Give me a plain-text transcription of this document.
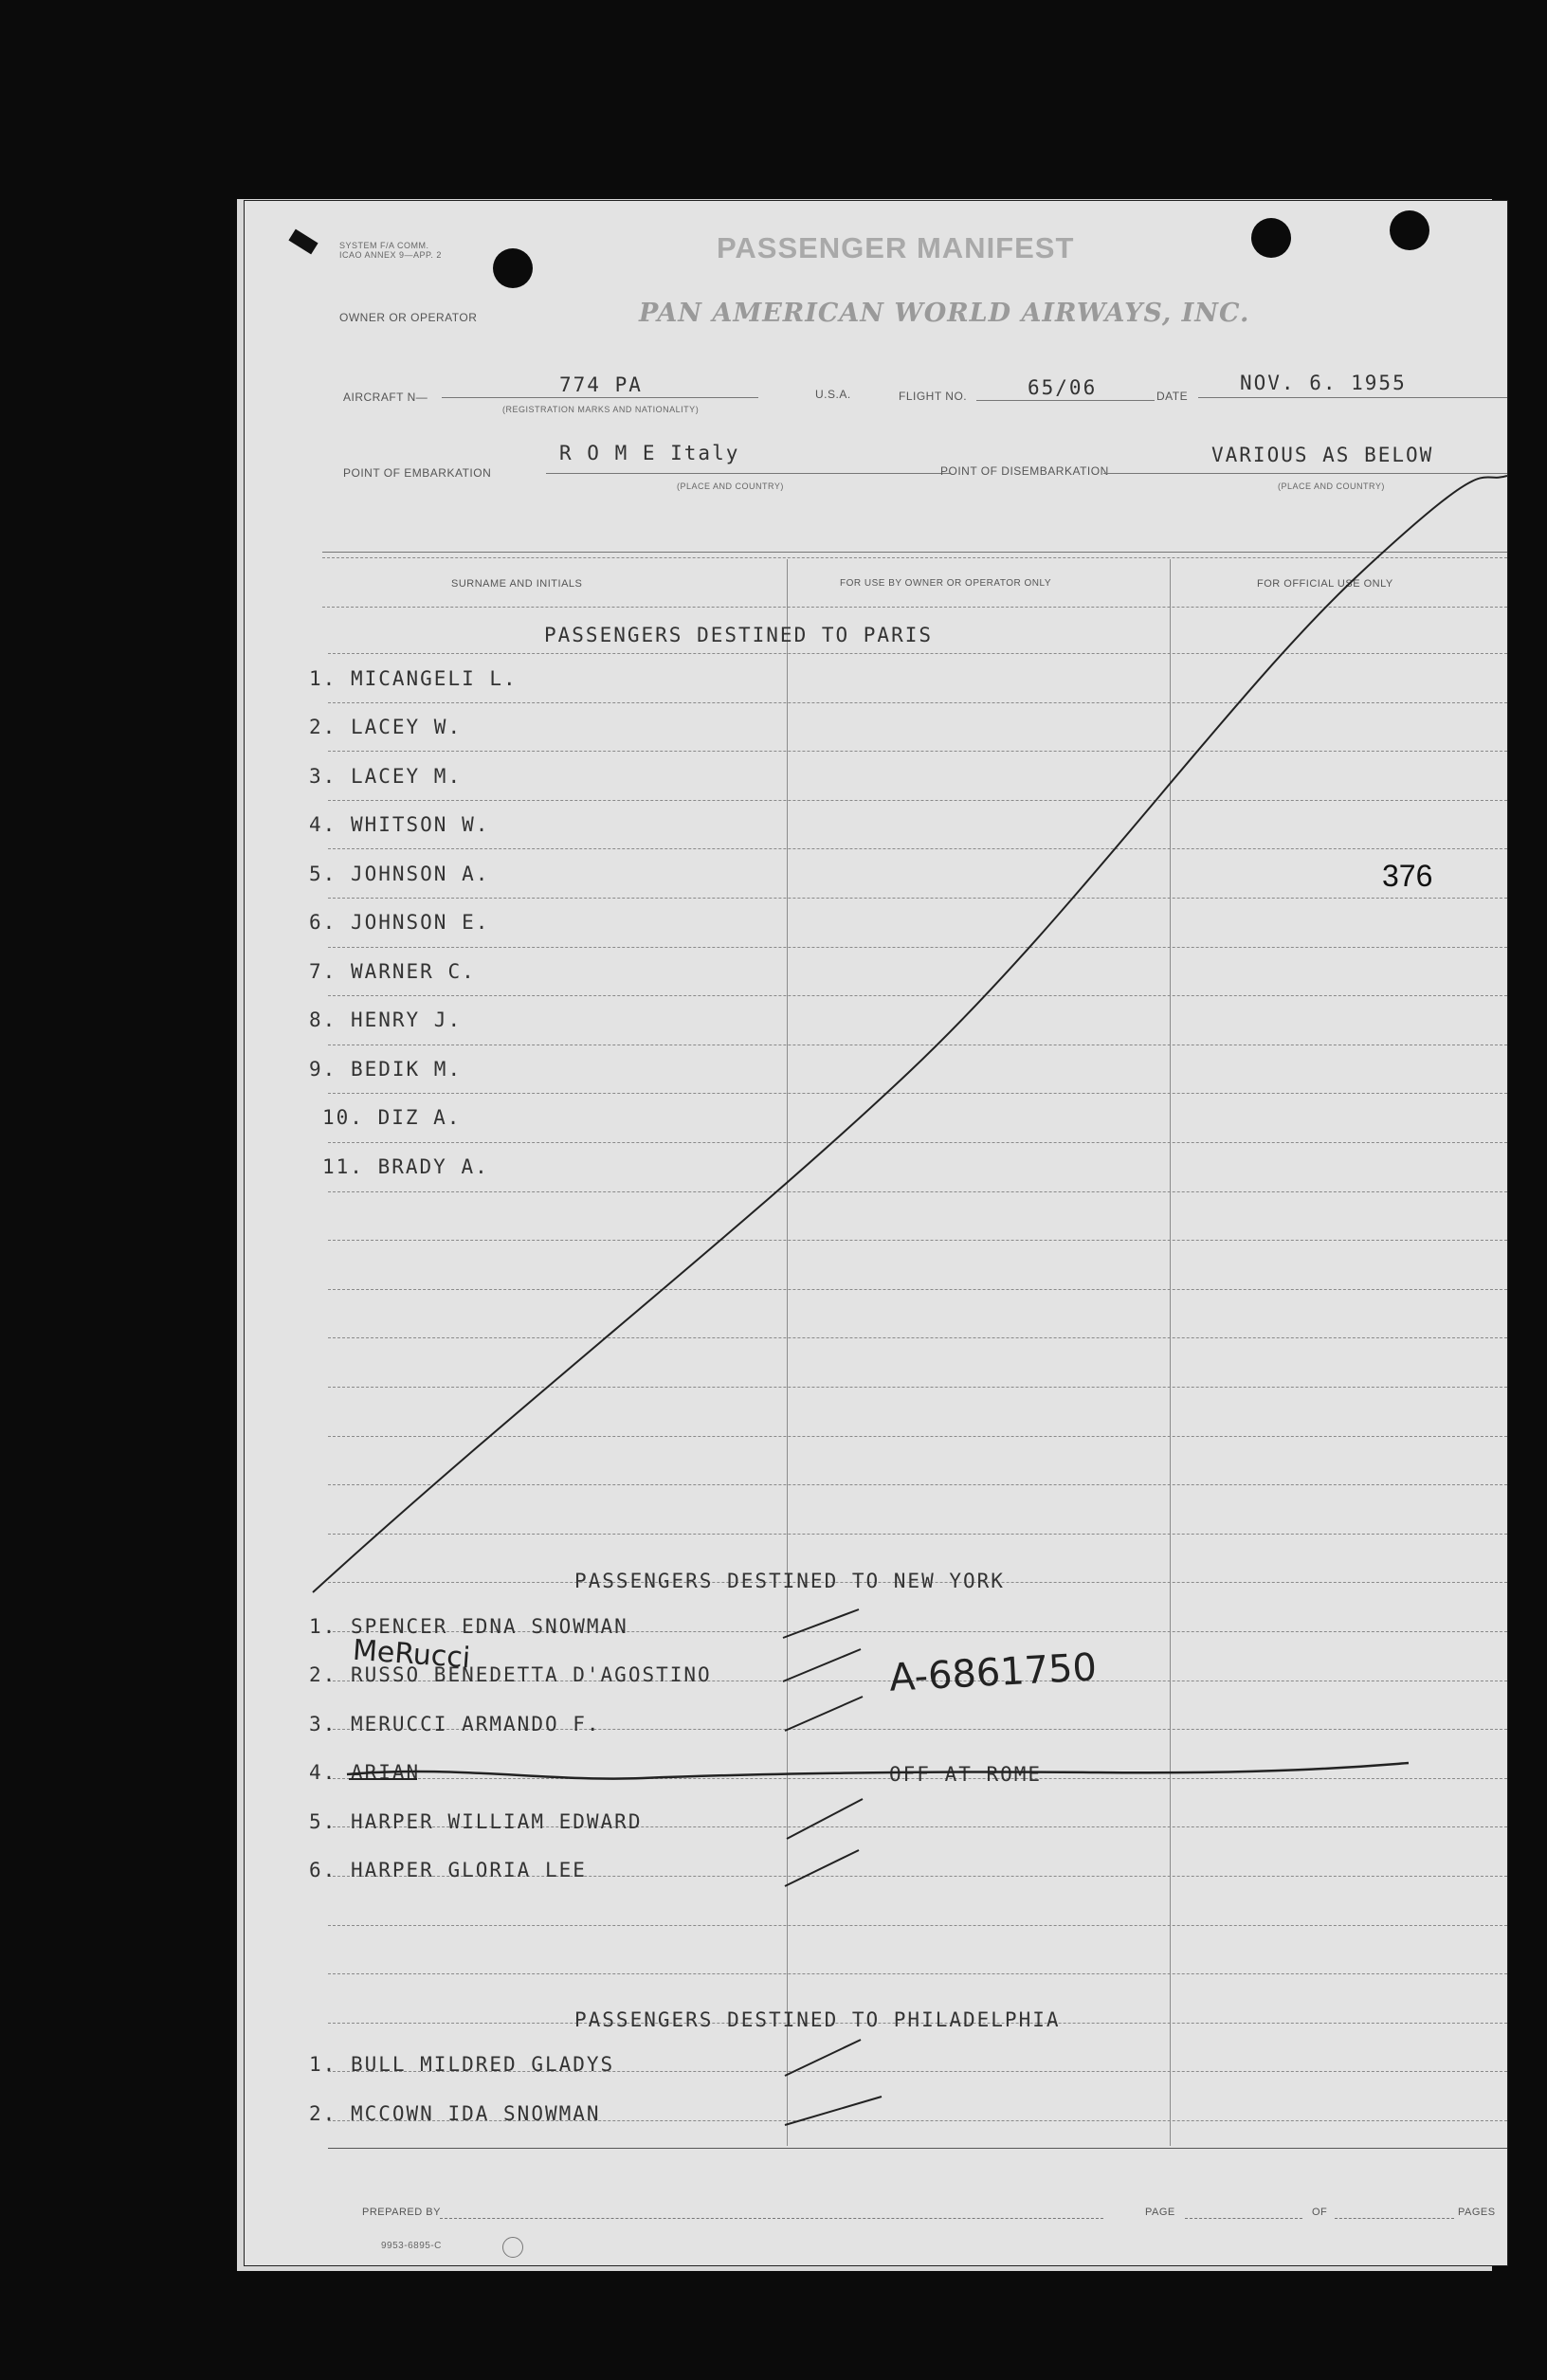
SYSTEM F/A COMM.
ICAO ANNEX 9—APP. 2	PASSENGER MANIFEST
OWNER OR OPERATOR	PAN AMERICAN WORLD AIRWAYS, INC.
AIRCRAFT N—
774 PA
(REGISTRATION MARKS AND NATIONALITY)
U.S.A.	FLIGHT NO.	65/06	DATE
NOV. 6. 1955
POINT OF EMBARKATION
R O M E Italy
(PLACE AND COUNTRY)
POINT OF DISEMBARKATION
VARIOUS AS BELOW
(PLACE AND COUNTRY)
SURNAME AND INITIALS	FOR USE BY OWNER OR OPERATOR ONLY	FOR OFFICIAL USE ONLY
PASSENGERS DESTINED TO PARIS
1. MICANGELI L.
2. LACEY W.
3. LACEY M.
4. WHITSON W.
5. JOHNSON A.
6. JOHNSON E.
7. WARNER C.
8. HENRY J.
9. BEDIK M.
10. DIZ A.
11. BRADY A.
PASSENGERS DESTINED TO NEW YORK
1. SPENCER EDNA SNOWMAN
2. RUSSO BENEDETTA D'AGOSTINO
3. MERUCCI ARMANDO F.
4. ARIAN	OFF AT ROME
5. HARPER WILLIAM EDWARD
6. HARPER GLORIA LEE
PASSENGERS DESTINED TO PHILADELPHIA
1. BULL MILDRED GLADYS
2. MCCOWN IDA SNOWMAN
376
MeRucci	A-6861750
PREPARED BY	PAGE	OF	PAGES
9953-6895-C
